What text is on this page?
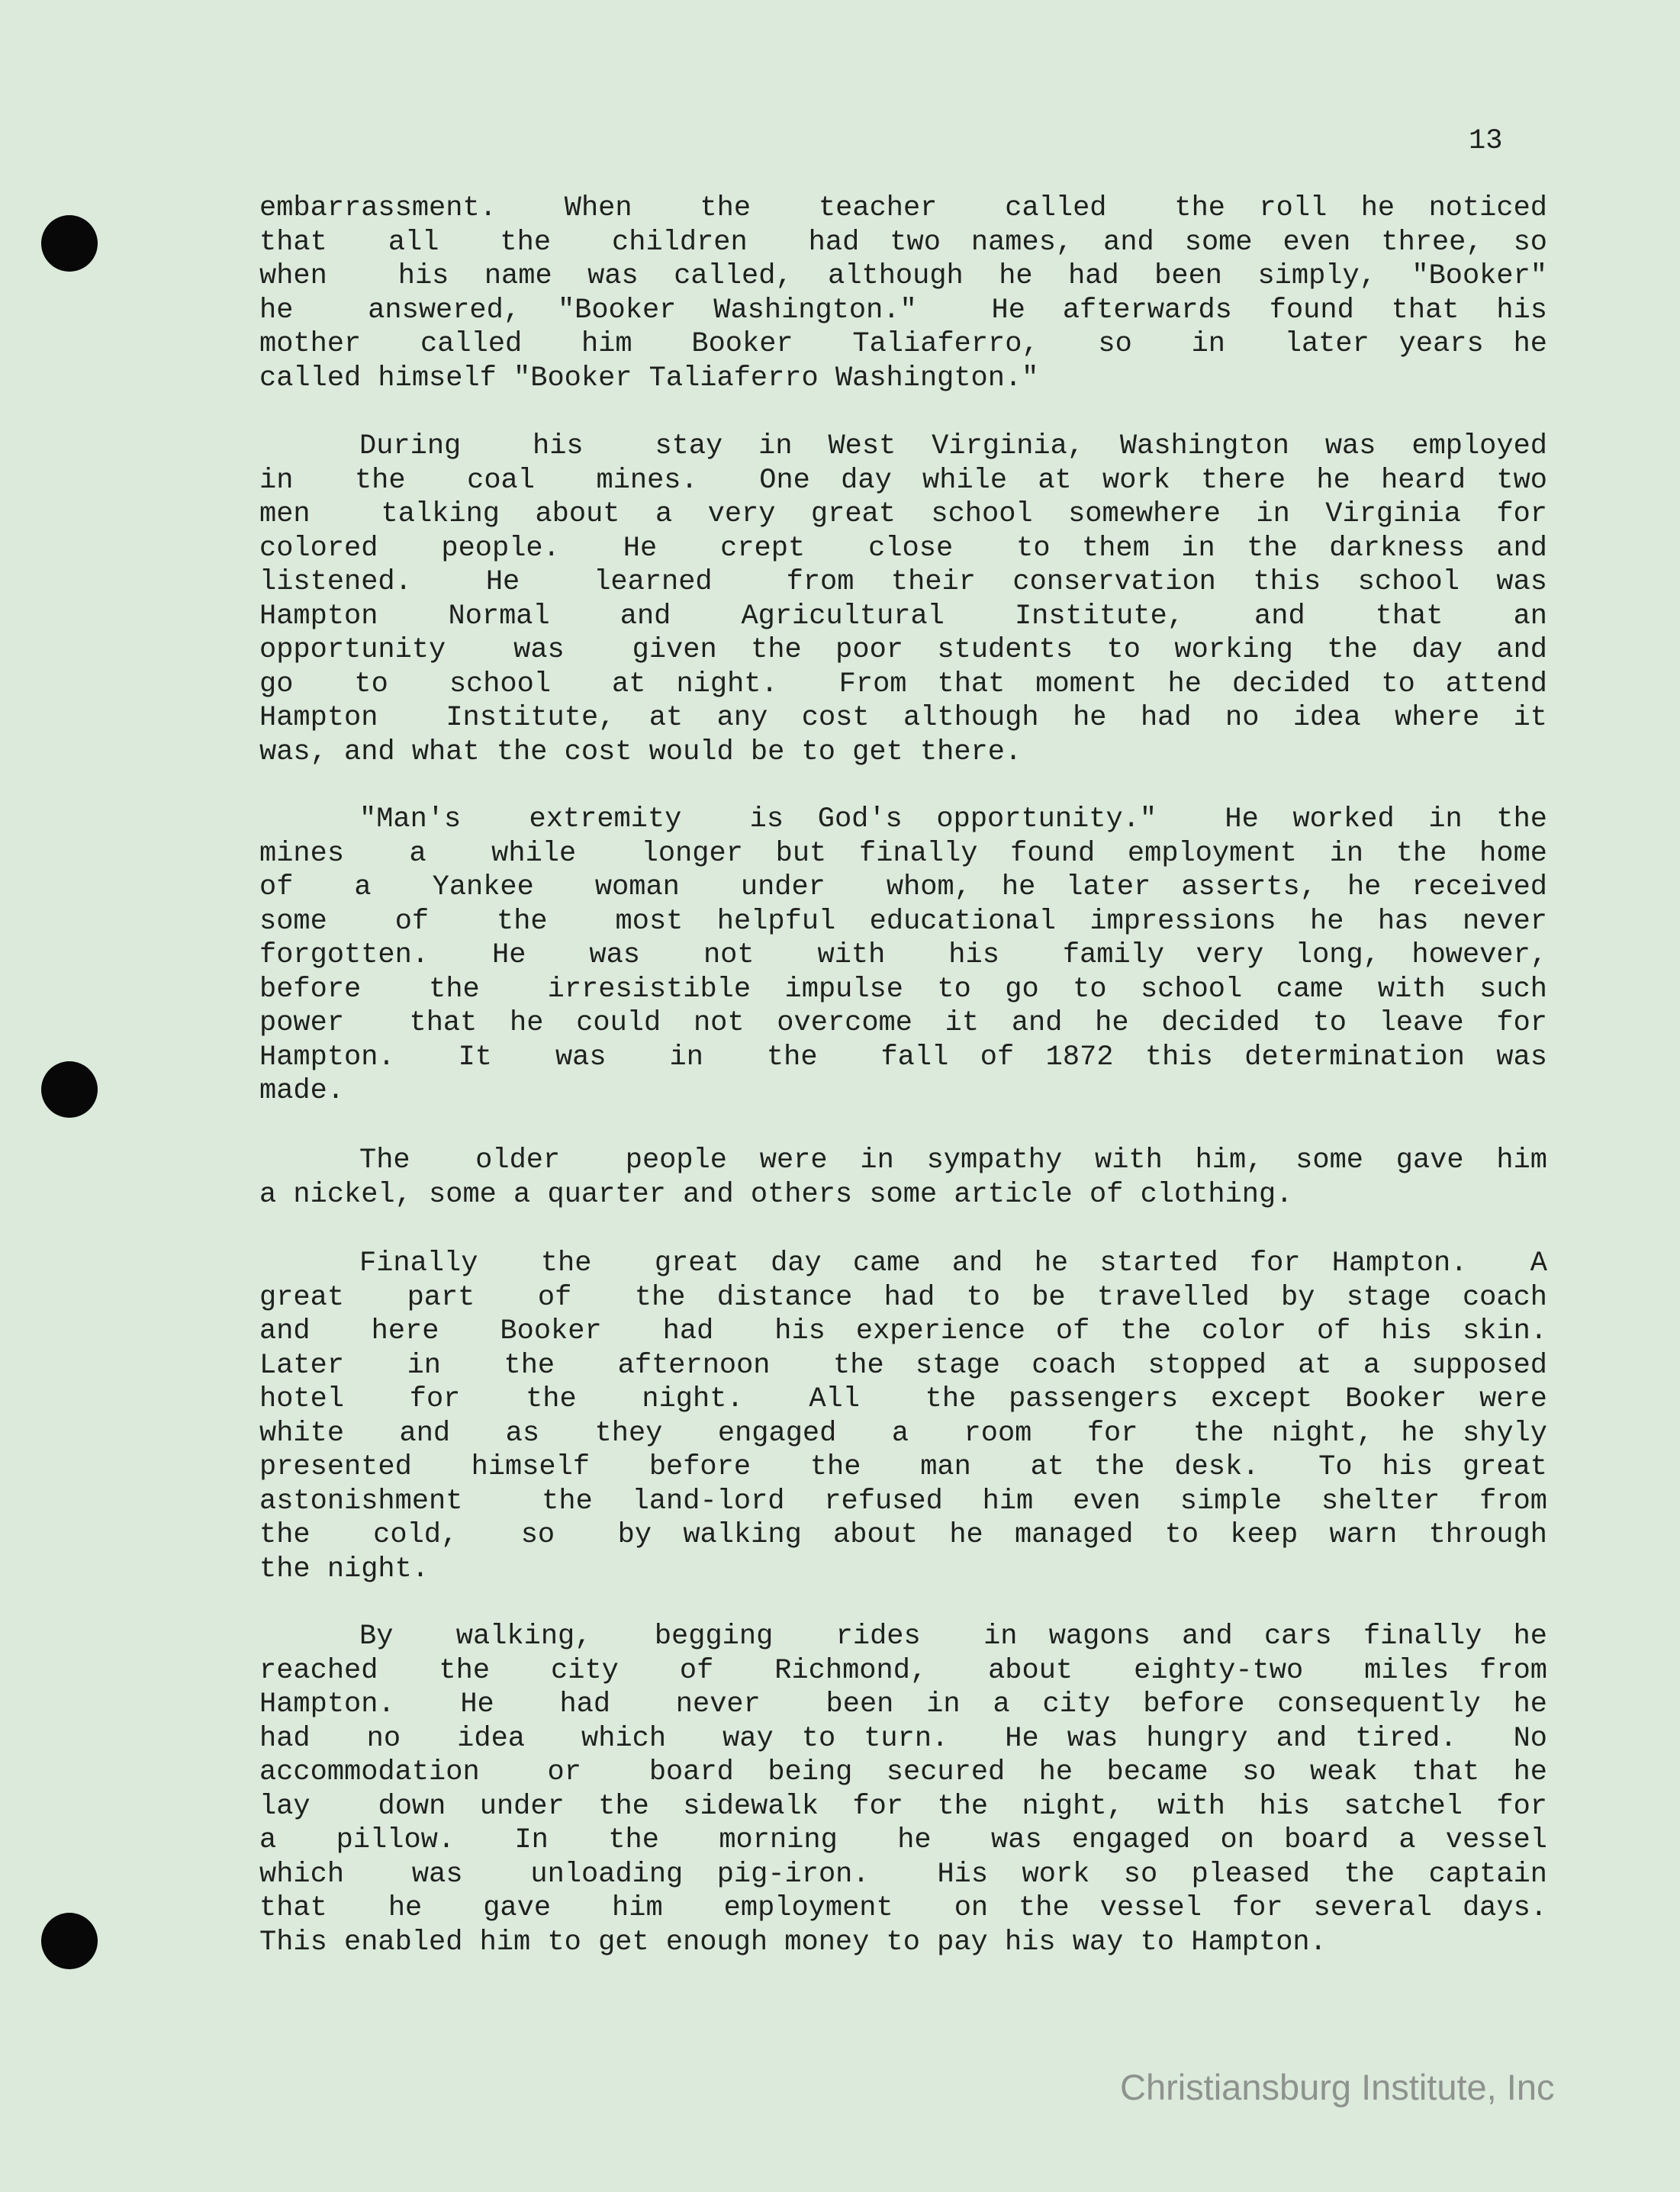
13
embarrassment.  When  the  teacher  called  the roll he noticed
that  all  the  children  had two names, and some even three, so
when  his name was called, although he had been simply, "Booker"
he  answered, "Booker Washington."  He afterwards found that his
mother  called  him  Booker  Taliaferro,  so  in  later years he
called himself "Booker Taliaferro Washington."
During  his  stay in West Virginia, Washington was employed
in  the  coal  mines.  One day while at work there he heard two
men  talking about a very great school somewhere in Virginia for
colored  people.  He  crept  close  to them in the darkness and
listened.  He  learned  from their conservation this school was
Hampton  Normal  and  Agricultural  Institute,  and  that  an
opportunity  was  given the poor students to working the day and
go  to  school  at night.  From that moment he decided to attend
Hampton  Institute, at any cost although he had no idea where it
was, and what the cost would be to get there.
"Man's  extremity  is God's opportunity."  He worked in the
mines  a  while  longer but finally found employment in the home
of  a  Yankee  woman  under  whom, he later asserts, he received
some  of  the  most helpful educational impressions he has never
forgotten.  He  was  not  with  his  family very long, however,
before  the  irresistible impulse to go to school came with such
power  that he could not overcome it and he decided to leave for
Hampton.  It  was  in  the  fall of 1872 this determination was
made.
The  older  people were in sympathy with him, some gave him
a nickel, some a quarter and others some article of clothing.
Finally  the  great day came and he started for Hampton.  A
great  part  of  the distance had to be travelled by stage coach
and  here  Booker  had  his experience of the color of his skin.
Later  in  the  afternoon  the stage coach stopped at a supposed
hotel  for  the  night.  All  the passengers except Booker were
white  and  as  they  engaged  a  room  for  the night, he shyly
presented  himself  before  the  man  at the desk.  To his great
astonishment  the land-lord refused him even simple shelter from
the  cold,  so  by walking about he managed to keep warn through
the night.
By  walking,  begging  rides  in wagons and cars finally he
reached  the  city  of  Richmond,  about  eighty-two  miles from
Hampton.  He  had  never  been in a city before consequently he
had  no  idea  which  way to turn.  He was hungry and tired.  No
accommodation  or  board being secured he became so weak that he
lay  down under the sidewalk for the night, with his satchel for
a  pillow.  In  the  morning  he  was engaged on board a vessel
which  was  unloading pig-iron.  His work so pleased the captain
that  he  gave  him  employment  on the vessel for several days.
This enabled him to get enough money to pay his way to Hampton.
Christiansburg Institute, Inc
